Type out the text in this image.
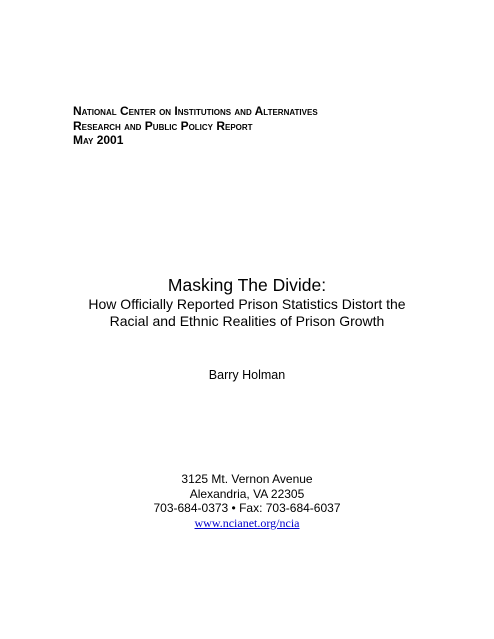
National Center on Institutions and Alternatives
Research and Public Policy Report
May 2001
Masking The Divide:
How Officially Reported Prison Statistics Distort the
Racial and Ethnic Realities of Prison Growth
Barry Holman
3125 Mt. Vernon Avenue
Alexandria, VA 22305
703-684-0373 • Fax: 703-684-6037
www.ncianet.org/ncia
